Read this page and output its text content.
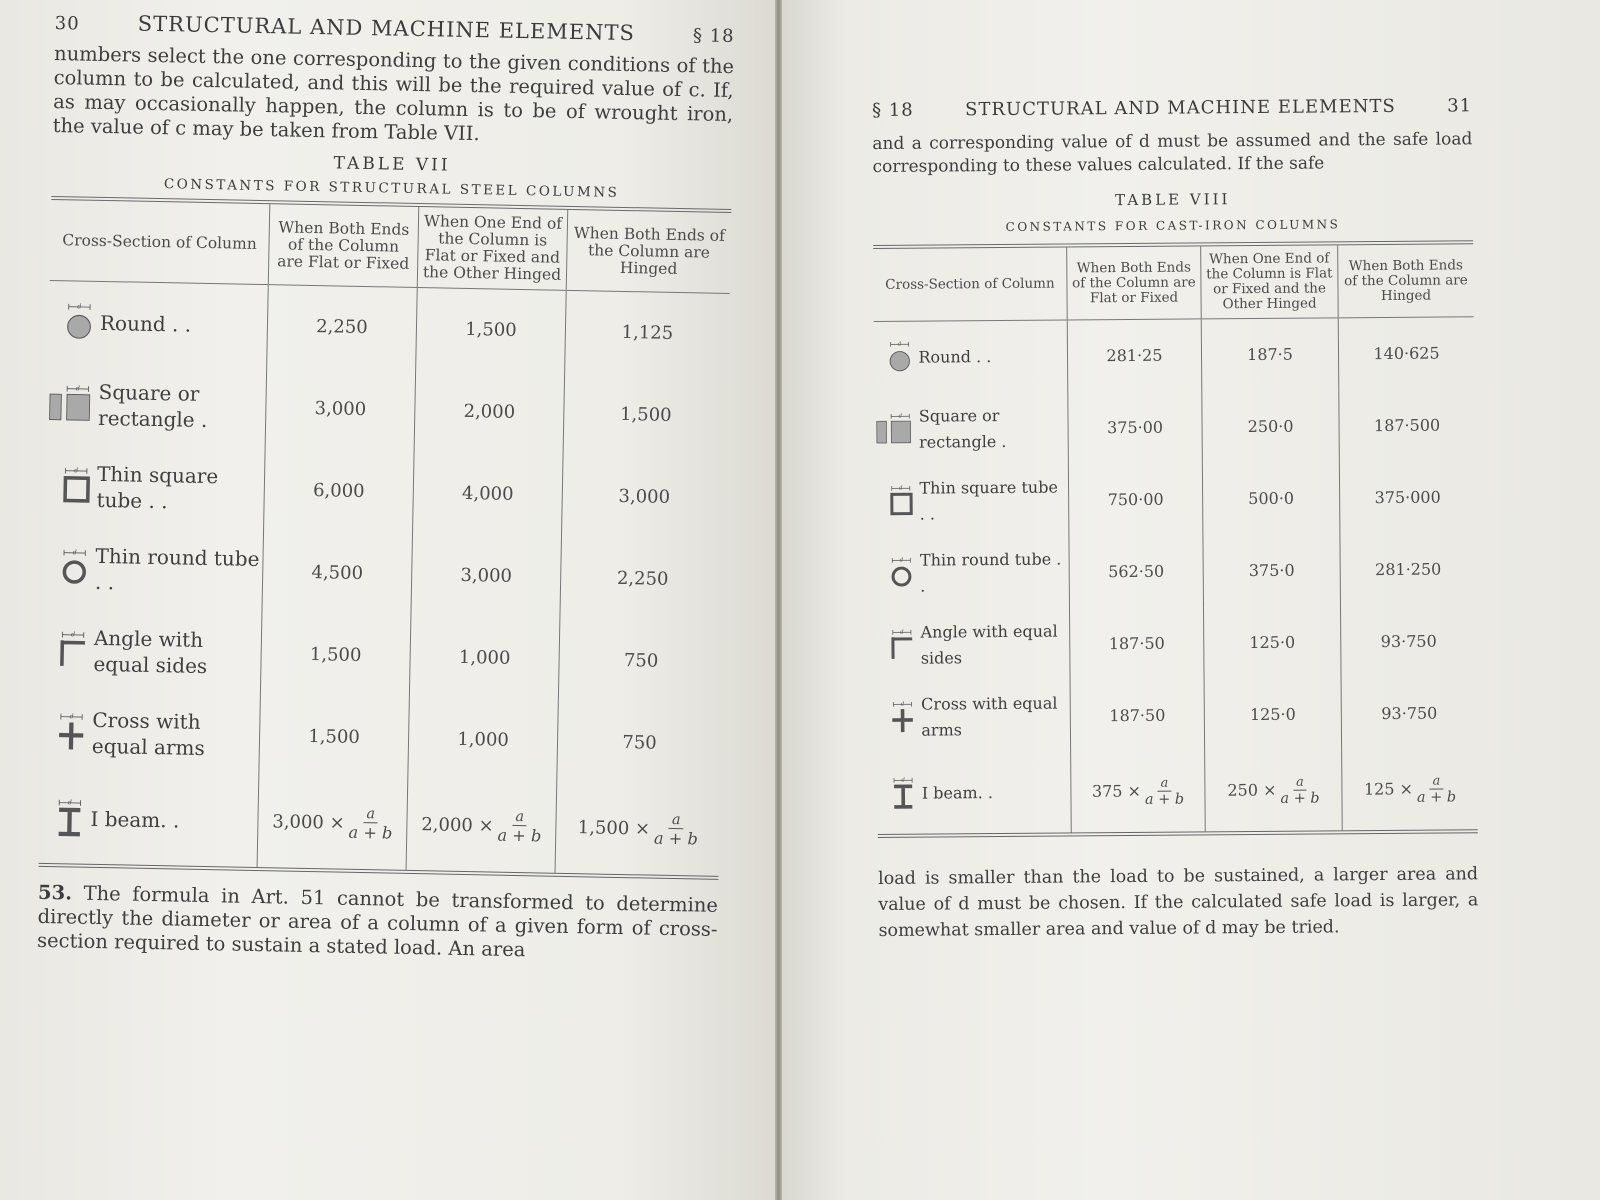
30	STRUCTURAL AND MACHINE ELEMENTS	§ 18

numbers select the one corresponding to the given conditions of the column to be calculated, and this will be the required value of c. If, as may occasionally happen, the column is to be of wrought iron, the value of c may be taken from Table VII.

TABLE VII
CONSTANTS FOR STRUCTURAL STEEL COLUMNS
Cross-Section of Column	When Both Ends of the Column are Flat or Fixed	When One End of the Column is Flat or Fixed and the Other Hinged	When Both Ends of the Column are Hinged

d
Round . .	2,250	1,500	1,125

d Square or rectangle .	3,000	2,000	1,500

d Thin square tube . .	6,000	4,000	3,000

d Thin round tube . .	4,500	3,000	2,250

d Angle with equal sides	1,500	1,000	750

d Cross with equal arms	1,500	1,000	750

d
I beam. .	$3,000 \times \frac{a}{a + b}$	$2,000 \times \frac{a}{a + b}$	$1,500 \times \frac{a}{a + b}$

53. The formula in Art. 51 cannot be transformed to determine directly the diameter or area of a column of a given form of cross-section required to sustain a stated load. An area

§ 18	STRUCTURAL AND MACHINE ELEMENTS	31

and a corresponding value of d must be assumed and the safe load corresponding to these values calculated. If the safe

TABLE VIII
CONSTANTS FOR CAST-IRON COLUMNS
Cross-Section of Column	When Both Ends of the Column are Flat or Fixed	When One End of the Column is Flat or Fixed and the Other Hinged	When Both Ends of the Column are Hinged

d
Round . .	281·25	187·5	140·625

d Square or rectangle .	375·00	250·0	187·500

d Thin square tube . .	750·00	500·0	375·000

d Thin round tube . .	562·50	375·0	281·250

d Angle with equal sides	187·50	125·0	93·750

d Cross with equal arms	187·50	125·0	93·750

d
I beam. .	$375 \times \frac{a}{a + b}$	$250 \times \frac{a}{a + b}$	$125 \times \frac{a}{a + b}$

load is smaller than the load to be sustained, a larger area and value of d must be chosen. If the calculated safe load is larger, a somewhat smaller area and value of d may be tried.
